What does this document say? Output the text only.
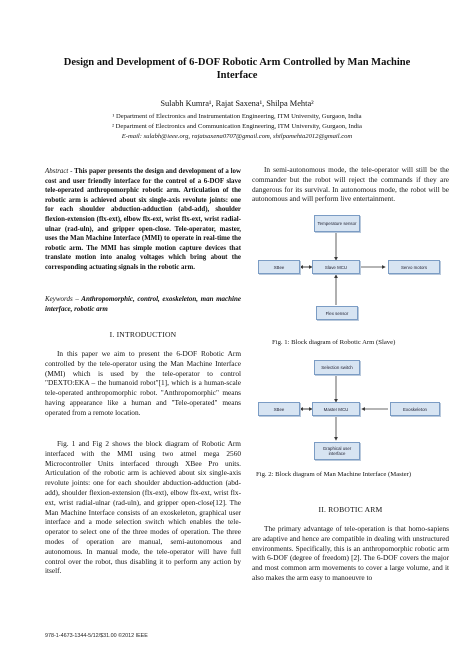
Design and Development of 6-DOF Robotic Arm Controlled by Man Machine Interface
Sulabh Kumra¹, Rajat Saxena¹, Shilpa Mehta²
¹ Department of Electronics and Instrumentation Engineering, ITM University, Gurgaon, India
² Department of Electronics and Communication Engineering, ITM University, Gurgaon, India
E-mail: sulabh@ieee.org, rajatsaxena0707@gmail.com, shilpamehta2012@gmail.com
Abstract - This paper presents the design and development of a low cost and user friendly interface for the control of a 6-DOF slave tele-operated anthropomorphic robotic arm. Articulation of the robotic arm is achieved about six single-axis revolute joints: one for each shoulder abduction-adduction (abd-add), shoulder flexion-extension (flx-ext), elbow flx-ext, wrist flx-ext, wrist radial-ulnar (rad-uln), and gripper open-close. Tele-operator, master, uses the Man Machine Interface (MMI) to operate in real-time the robotic arm. The MMI has simple motion capture devices that translate motion into analog voltages which bring about the corresponding actuating signals in the robotic arm.
Keywords – Anthropomorphic, control, exoskeleton, man machine interface, robotic arm
I. INTRODUCTION
In this paper we aim to present the 6-DOF Robotic Arm controlled by the tele-operator using the Man Machine Interface (MMI) which is used by the tele-operator to control "DEXTO:EKA – the humanoid robot"[1], which is a human-scale tele-operated anthropomorphic robot. "Anthropomorphic" means having appearance like a human and "Tele-operated" means operated from a remote location.
Fig. 1 and Fig 2 shows the block diagram of Robotic Arm interfaced with the MMI using two atmel mega 2560 Microcontroller Units interfaced through XBee Pro units. Articulation of the robotic arm is achieved about six single-axis revolute joints: one for each shoulder abduction-adduction (abd-add), shoulder flexion-extension (flx-ext), elbow flx-ext, wrist flx-ext, wrist radial-ulnar (rad-uln), and gripper open-close[12]. The Man Machine Interface consists of an exoskeleton, graphical user interface and a mode selection switch which enables the tele-operator to select one of the three modes of operation. The three modes of operation are manual, semi-autonomous and autonomous. In manual mode, the tele-operator will have full control over the robot, thus disabling it to perform any action by itself.
In semi-autonomous mode, the tele-operator will still be the commander but the robot will reject the commands if they are dangerous for its survival. In autonomous mode, the robot will be autonomous and will perform live entertainment.
Temperature sensor
XBee	Slave MCU	Servo motors
Flex sensor
Fig. 1: Block diagram of Robotic Arm (Slave)
Selection switch
XBee	Master MCU	Exoskeleton
Graphical user interface
Fig. 2: Block diagram of Man Machine Interface (Master)
II. ROBOTIC ARM
The primary advantage of tele-operation is that homo-sapiens are adaptive and hence are compatible in dealing with unstructured environments. Specifically, this is an anthropomorphic robotic arm with 6-DOF (degree of freedom) [2]. The 6-DOF covers the major and most common arm movements to cover a large volume, and it also makes the arm easy to manoeuvre to
978-1-4673-1344-5/12/$31.00 ©2012 IEEE
